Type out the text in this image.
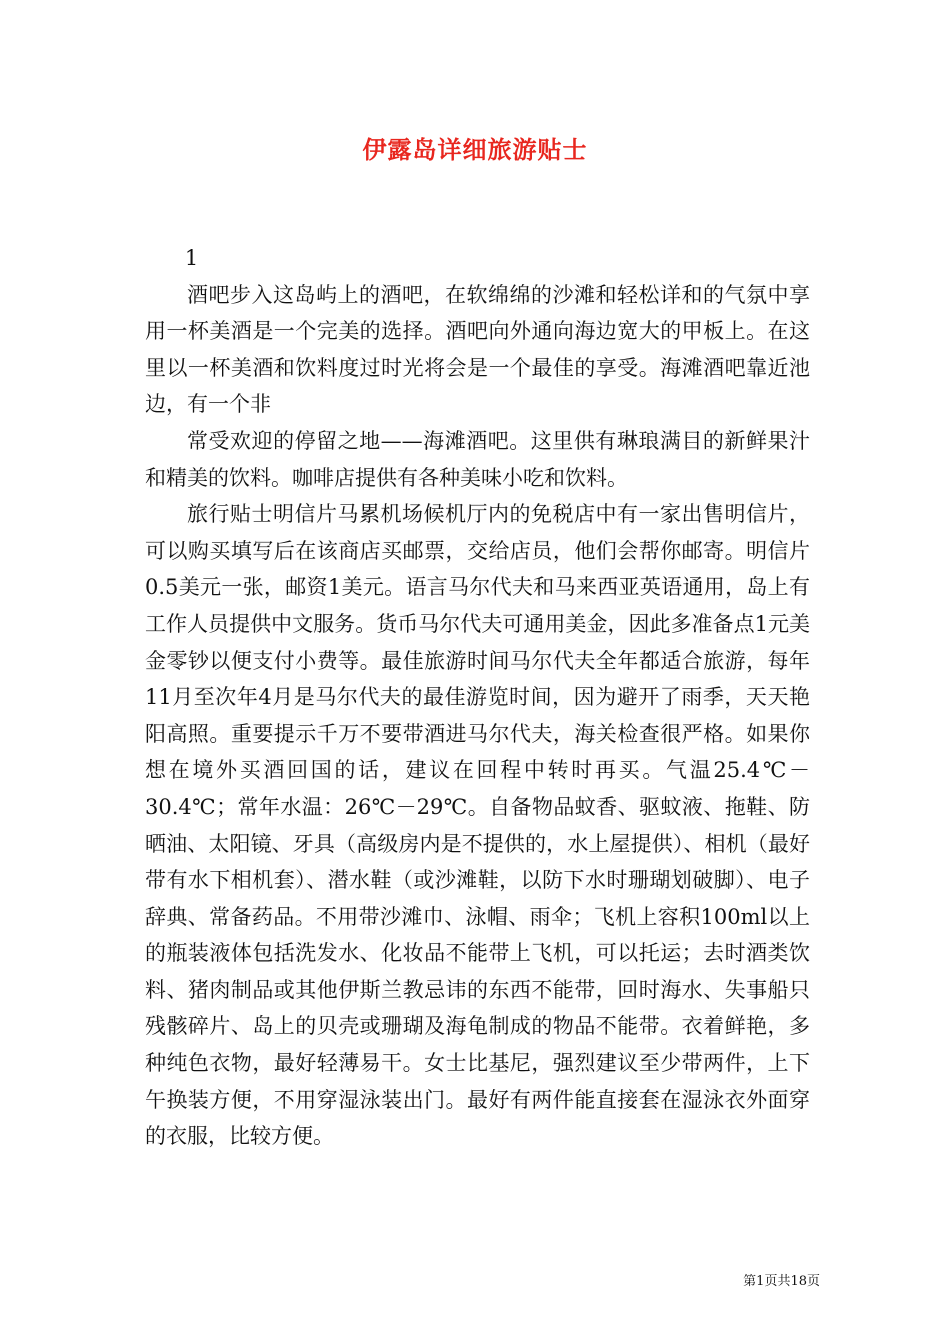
伊露岛详细旅游贴士

1

酒吧步入这岛屿上的酒吧，在软绵绵的沙滩和轻松详和的气氛中享用一杯美酒是一个完美的选择。酒吧向外通向海边宽大的甲板上。在这里以一杯美酒和饮料度过时光将会是一个最佳的享受。海滩酒吧靠近池边，有一个非

常受欢迎的停留之地——海滩酒吧。这里供有琳琅满目的新鲜果汁和精美的饮料。咖啡店提供有各种美味小吃和饮料。

旅行贴士明信片马累机场候机厅内的免税店中有一家出售明信片，可以购买填写后在该商店买邮票，交给店员，他们会帮你邮寄。明信片0.5美元一张，邮资1美元。语言马尔代夫和马来西亚英语通用，岛上有工作人员提供中文服务。货币马尔代夫可通用美金，因此多准备点1元美金零钞以便支付小费等。最佳旅游时间马尔代夫全年都适合旅游，每年11月至次年4月是马尔代夫的最佳游览时间，因为避开了雨季，天天艳阳高照。重要提示千万不要带酒进马尔代夫，海关检查很严格。如果你想在境外买酒回国的话，建议在回程中转时再买。气温25.4℃－30.4℃；常年水温：26℃－29℃。自备物品蚊香、驱蚊液、拖鞋、防晒油、太阳镜、牙具（高级房内是不提供的，水上屋提供）、相机（最好带有水下相机套）、潜水鞋（或沙滩鞋，以防下水时珊瑚划破脚）、电子辞典、常备药品。不用带沙滩巾、泳帽、雨伞；飞机上容积100ml以上的瓶装液体包括洗发水、化妆品不能带上飞机，可以托运；去时酒类饮料、猪肉制品或其他伊斯兰教忌讳的东西不能带，回时海水、失事船只残骸碎片、岛上的贝壳或珊瑚及海龟制成的物品不能带。衣着鲜艳，多种纯色衣物，最好轻薄易干。女士比基尼，强烈建议至少带两件，上下午换装方便，不用穿湿泳装出门。最好有两件能直接套在湿泳衣外面穿的衣服，比较方便。

第1页共18页
